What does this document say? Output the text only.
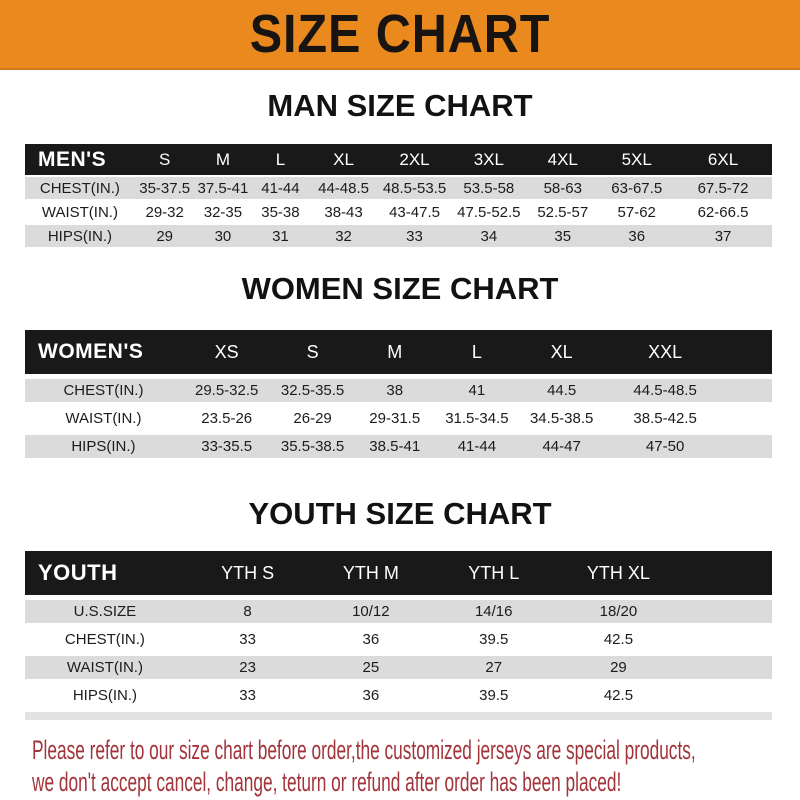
SIZE CHART
MAN SIZE CHART
MEN'S	S	M	L	XL	2XL	3XL	4XL	5XL	6XL
CHEST(IN.)	35-37.5	37.5-41	41-44	44-48.5	48.5-53.5	53.5-58	58-63	63-67.5	67.5-72
WAIST(IN.)	29-32	32-35	35-38	38-43	43-47.5	47.5-52.5	52.5-57	57-62	62-66.5
HIPS(IN.)	29	30	31	32	33	34	35	36	37
WOMEN SIZE CHART
WOMEN'S	XS	S	M	L	XL	XXL	
CHEST(IN.)	29.5-32.5	32.5-35.5	38	41	44.5	44.5-48.5	
WAIST(IN.)	23.5-26	26-29	29-31.5	31.5-34.5	34.5-38.5	38.5-42.5	
HIPS(IN.)	33-35.5	35.5-38.5	38.5-41	41-44	44-47	47-50	
YOUTH SIZE CHART
YOUTH	YTH S	YTH M	YTH L	YTH XL	
U.S.SIZE	8	10/12	14/16	18/20	
CHEST(IN.)	33	36	39.5	42.5	
WAIST(IN.)	23	25	27	29	
HIPS(IN.)	33	36	39.5	42.5	

Please refer to our size chart before order,the customized jerseys are special products,
we don't accept cancel, change, teturn or refund after order has been placed!
